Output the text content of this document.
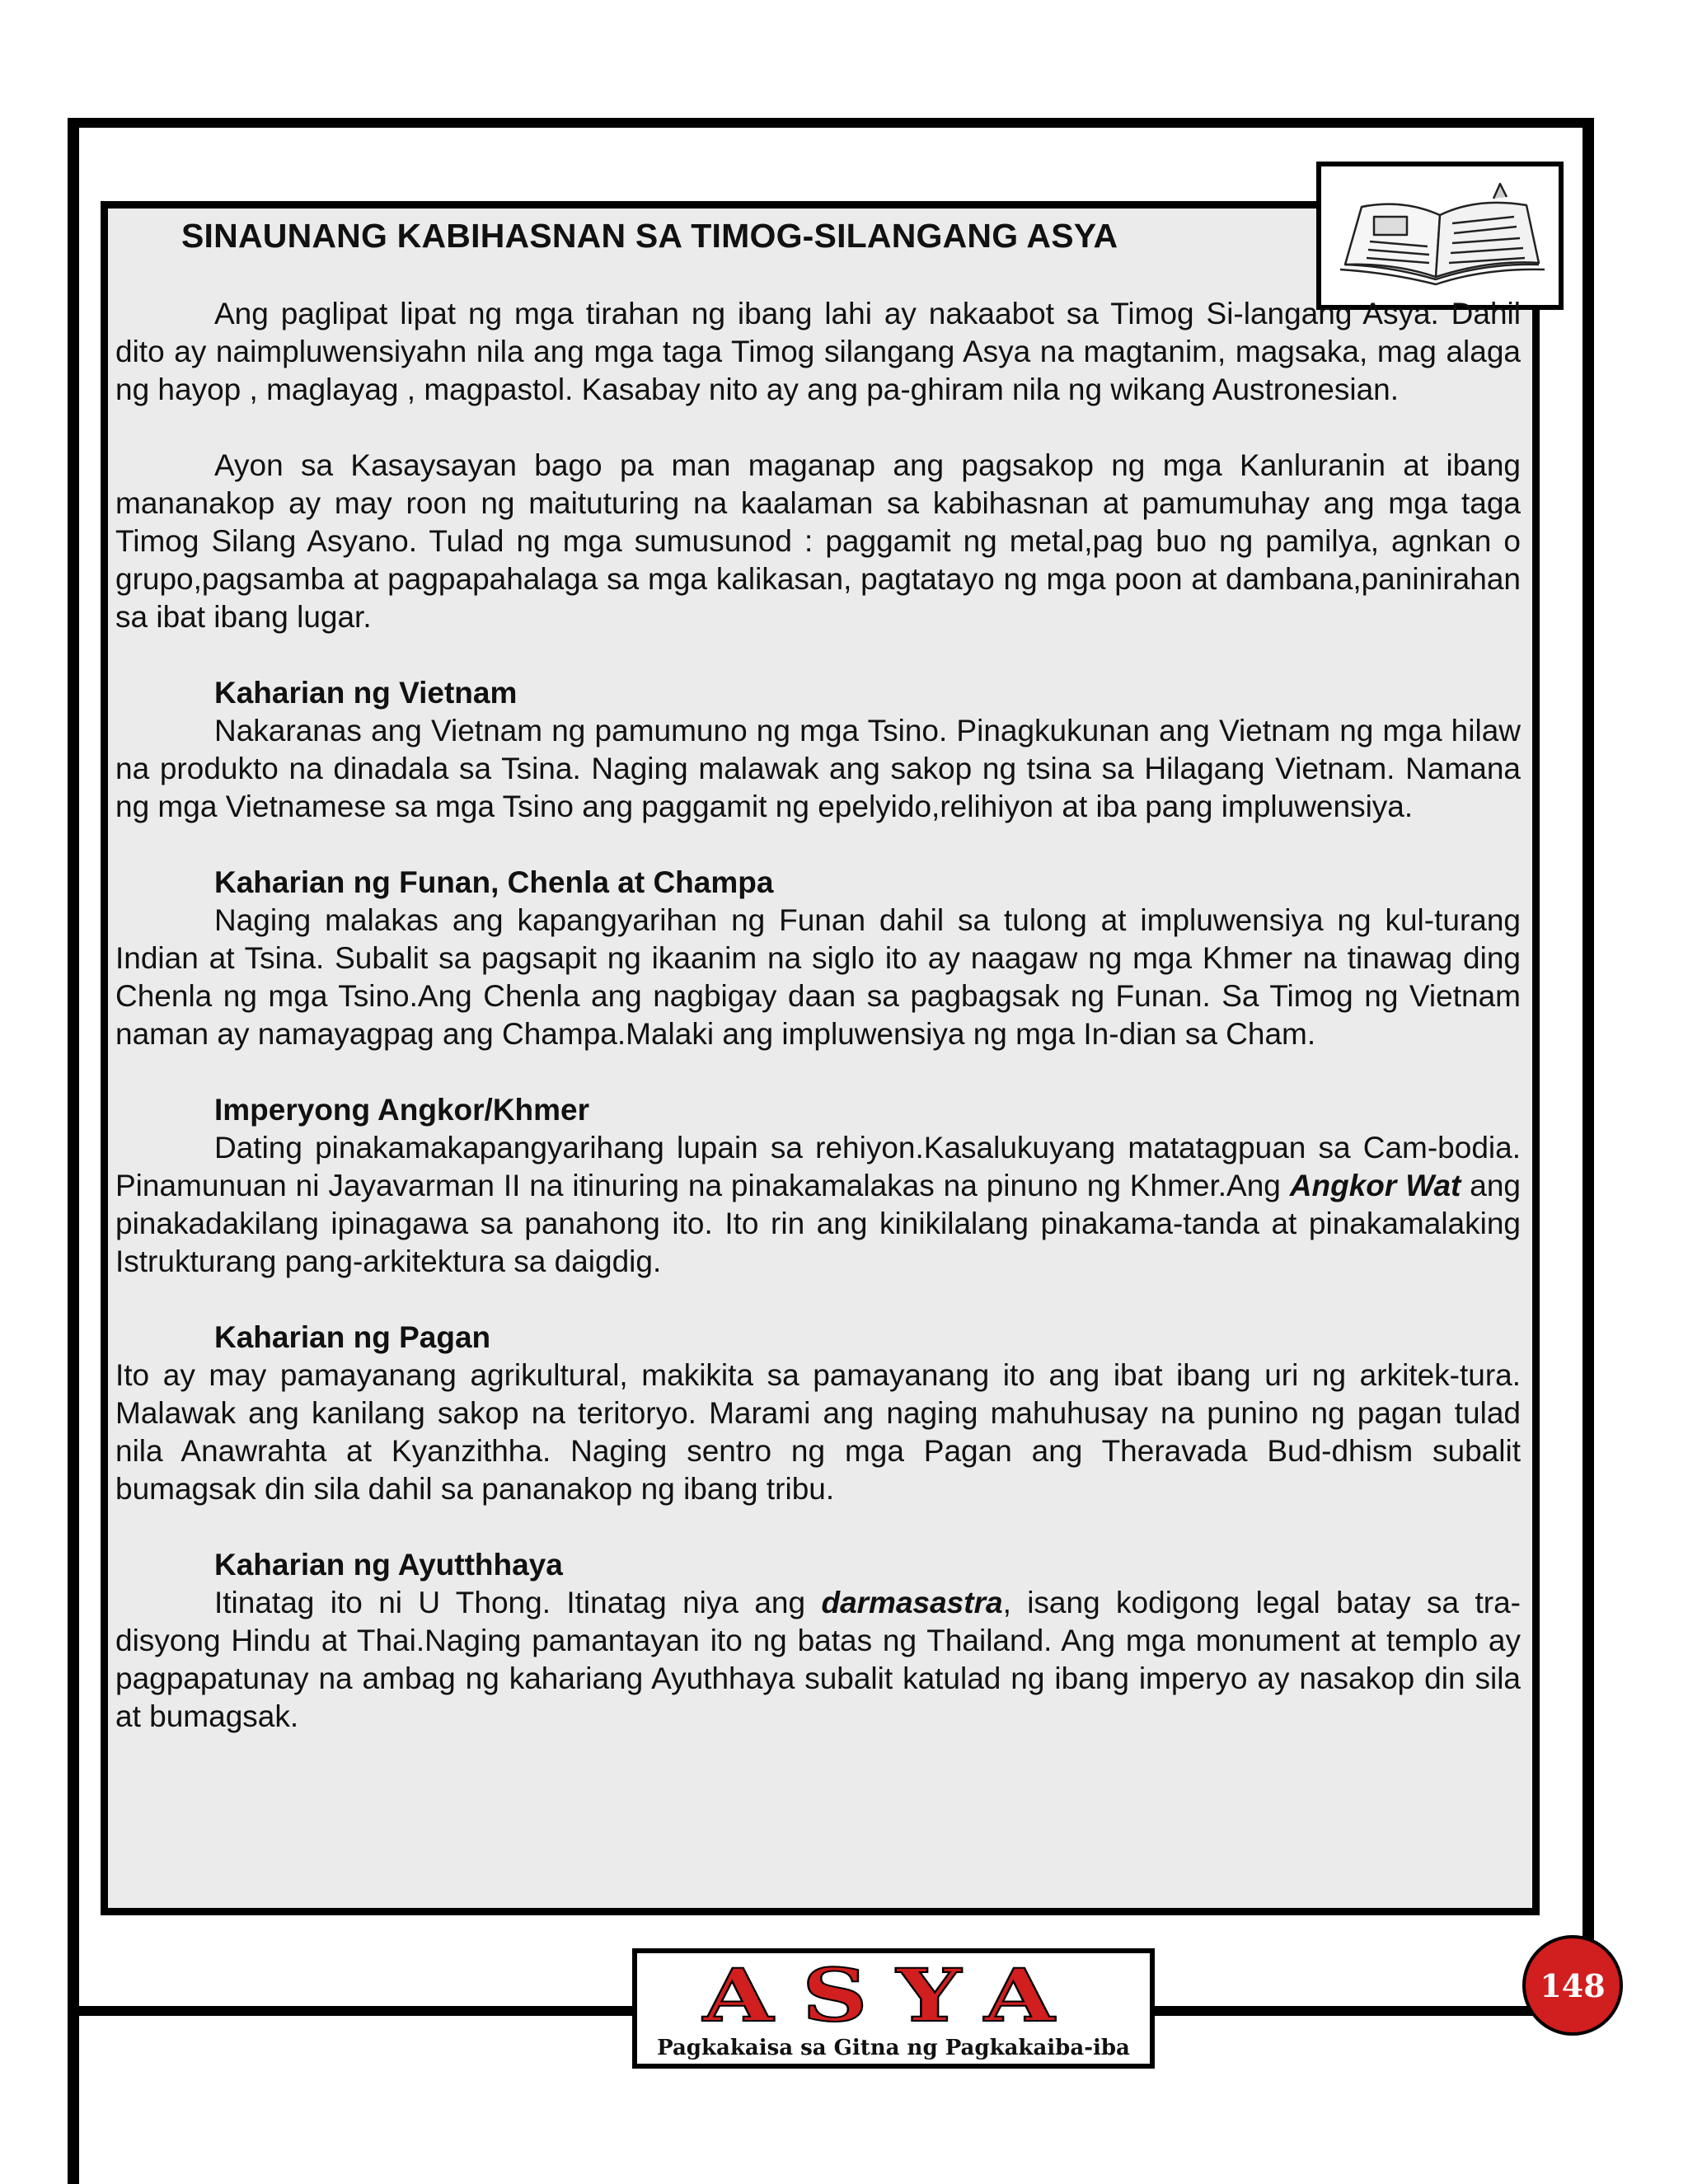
SINAUNANG KABIHASNAN SA TIMOG-SILANGANG ASYA

Ang paglipat lipat ng mga tirahan ng ibang lahi ay nakaabot sa Timog Si-langang Asya. Dahil dito ay naimpluwensiyahn nila ang mga taga Timog silangang Asya na magtanim, magsaka, mag alaga ng hayop , maglayag , magpastol. Kasabay nito ay ang pa-ghiram nila ng wikang Austronesian.

Ayon sa Kasaysayan bago pa man maganap ang pagsakop ng mga Kanluranin at ibang mananakop ay may roon ng maituturing na kaalaman sa kabihasnan at pamumuhay ang mga taga Timog Silang Asyano. Tulad ng mga sumusunod : paggamit ng metal,pag buo ng pamilya, agnkan o grupo,pagsamba at pagpapahalaga sa mga kalikasan, pagtatayo ng mga poon at dambana,paninirahan sa ibat ibang lugar.

Kaharian ng Vietnam

Nakaranas ang Vietnam ng pamumuno ng mga Tsino. Pinagkukunan ang Vietnam ng mga hilaw na produkto na dinadala sa Tsina. Naging malawak ang sakop ng tsina sa Hilagang Vietnam. Namana ng mga Vietnamese sa mga Tsino ang paggamit ng epelyido,relihiyon at iba pang impluwensiya.

Kaharian ng Funan, Chenla at Champa

Naging malakas ang kapangyarihan ng Funan dahil sa tulong at impluwensiya ng kul-turang Indian at Tsina. Subalit sa pagsapit ng ikaanim na siglo ito ay naagaw ng mga Khmer na tinawag ding Chenla ng mga Tsino.Ang Chenla ang nagbigay daan sa pagbagsak ng Funan. Sa Timog ng Vietnam naman ay namayagpag ang Champa.Malaki ang impluwensiya ng mga In-dian sa Cham.

Imperyong Angkor/Khmer

Dating pinakamakapangyarihang lupain sa rehiyon.Kasalukuyang matatagpuan sa Cam-bodia. Pinamunuan ni Jayavarman II na itinuring na pinakamalakas na pinuno ng Khmer.Ang Angkor Wat ang pinakadakilang ipinagawa sa panahong ito. Ito rin ang kinikilalang pinakama-tanda at pinakamalaking Istrukturang pang-arkitektura sa daigdig.

Kaharian ng Pagan

Ito ay may pamayanang agrikultural, makikita sa pamayanang ito ang ibat ibang uri ng arkitek-tura. Malawak ang kanilang sakop na teritoryo. Marami ang naging mahuhusay na punino ng pagan tulad nila Anawrahta at Kyanzithha. Naging sentro ng mga Pagan ang Theravada Bud-dhism subalit bumagsak din sila dahil sa pananakop ng ibang tribu.

Kaharian ng Ayutthhaya

Itinatag ito ni U Thong. Itinatag niya ang darmasastra, isang kodigong legal batay sa tra-disyong Hindu at Thai.Naging pamantayan ito ng batas ng Thailand. Ang mga monument at templo ay pagpapatunay na ambag ng kahariang Ayuthhaya subalit katulad ng ibang imperyo ay nasakop din sila at bumagsak.

ASYA
Pagkakaisa sa Gitna ng Pagkakaiba-iba
148
